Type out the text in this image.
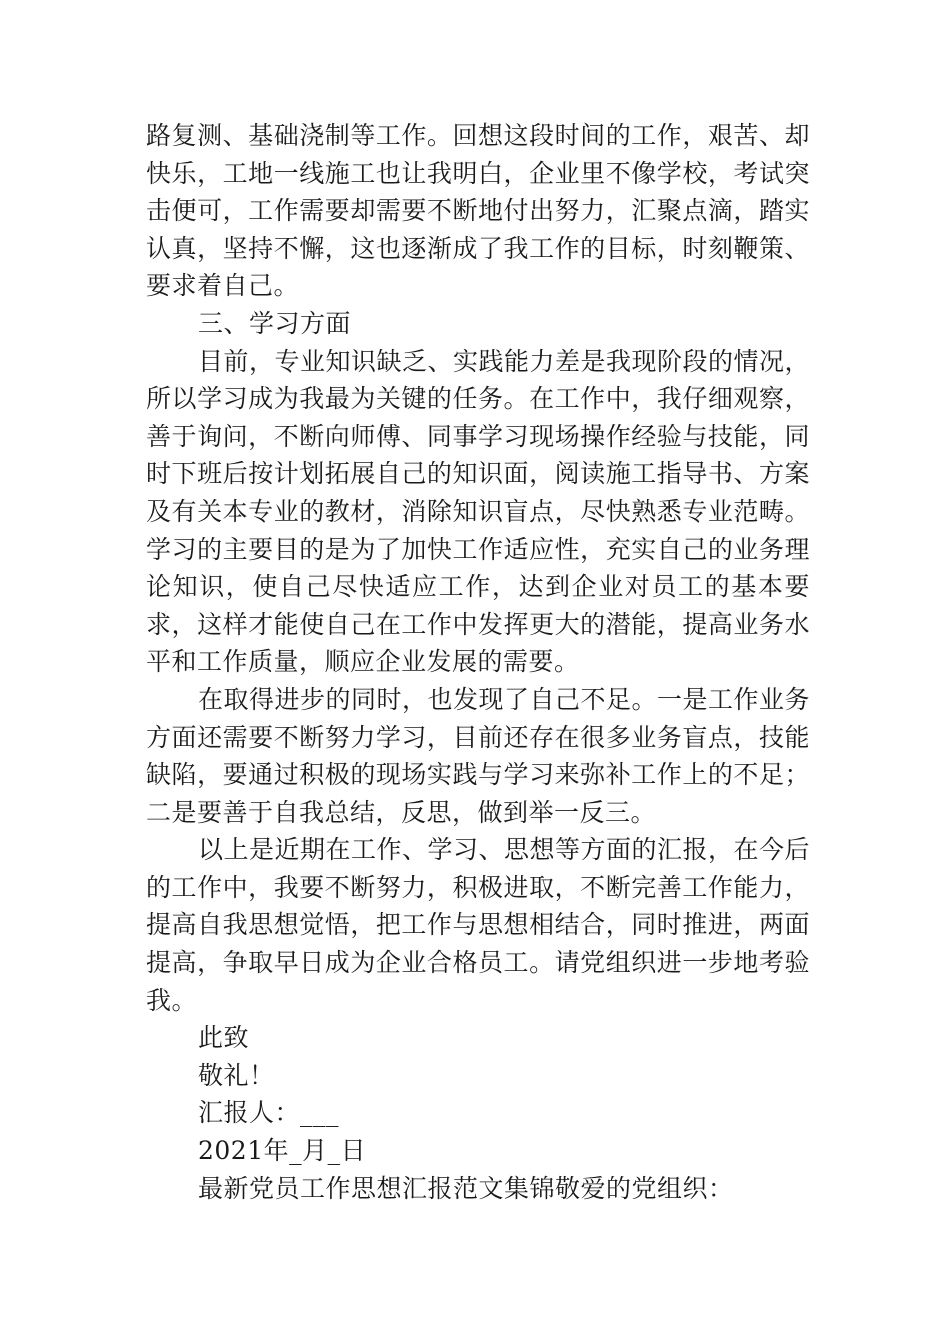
路复测、基础浇制等工作。回想这段时间的工作，艰苦、却快乐，工地一线施工也让我明白，企业里不像学校，考试突击便可，工作需要却需要不断地付出努力，汇聚点滴，踏实认真，坚持不懈，这也逐渐成了我工作的目标，时刻鞭策、要求着自己。

三、学习方面

目前，专业知识缺乏、实践能力差是我现阶段的情况，所以学习成为我最为关键的任务。在工作中，我仔细观察，善于询问，不断向师傅、同事学习现场操作经验与技能，同时下班后按计划拓展自己的知识面，阅读施工指导书、方案及有关本专业的教材，消除知识盲点，尽快熟悉专业范畴。学习的主要目的是为了加快工作适应性，充实自己的业务理论知识，使自己尽快适应工作，达到企业对员工的基本要求，这样才能使自己在工作中发挥更大的潜能，提高业务水平和工作质量，顺应企业发展的需要。

在取得进步的同时，也发现了自己不足。一是工作业务方面还需要不断努力学习，目前还存在很多业务盲点，技能缺陷，要通过积极的现场实践与学习来弥补工作上的不足；二是要善于自我总结，反思，做到举一反三。

以上是近期在工作、学习、思想等方面的汇报，在今后的工作中，我要不断努力，积极进取，不断完善工作能力，提高自我思想觉悟，把工作与思想相结合，同时推进，两面提高，争取早日成为企业合格员工。请党组织进一步地考验我。

此致

敬礼！

汇报人：___

2021年_月_日

最新党员工作思想汇报范文集锦敬爱的党组织：
